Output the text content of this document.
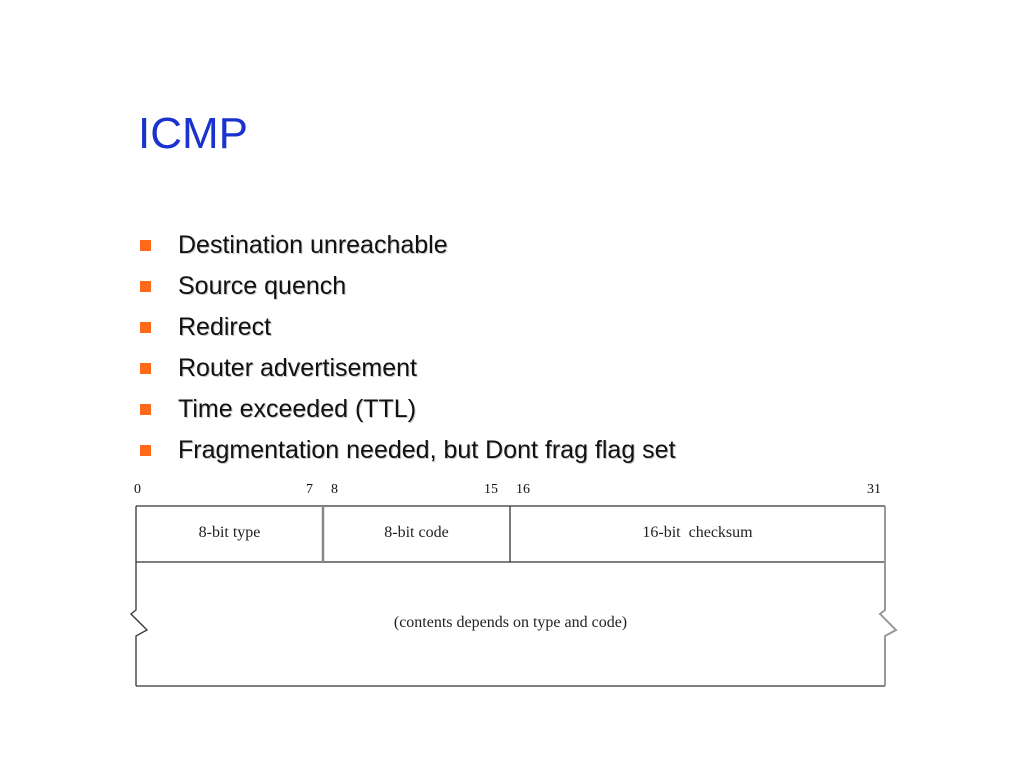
ICMP
Destination unreachable
Source quench
Redirect
Router advertisement
Time exceeded (TTL)
Fragmentation needed, but Dont frag flag set
0	7 8	15 16	31
8-bit type	8-bit code	16-bit  checksum
(contents depends on type and code)
